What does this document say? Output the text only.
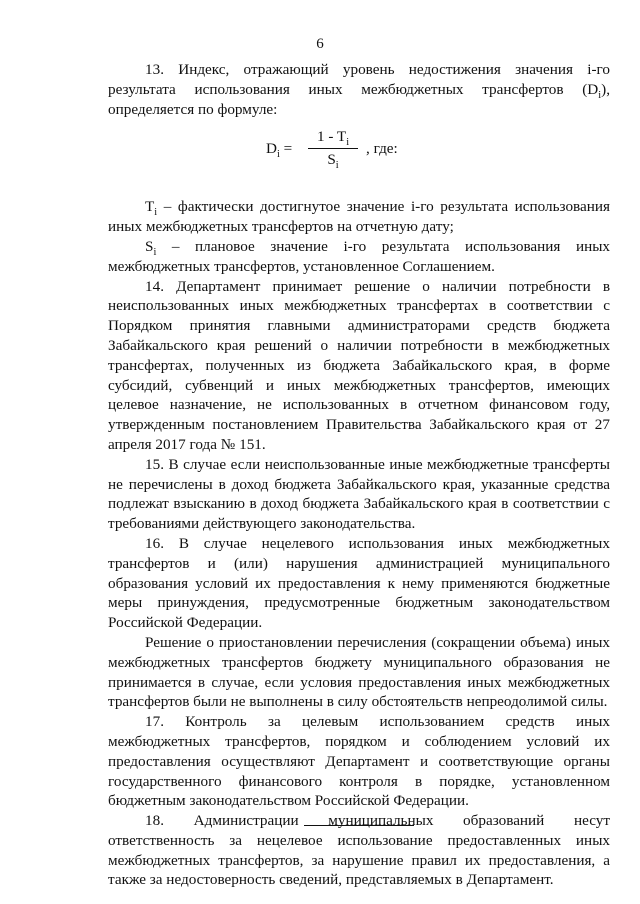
6

13. Индекс, отражающий уровень недостижения значения i-го результата использования иных межбюджетных трансфертов $(D_i)$, определяется по формуле:

$D_i = \frac{1 - T_i}{S_i}$ , где:

$T_i$ – фактически достигнутое значение i-го результата использования иных межбюджетных трансфертов на отчетную дату;

$S_i$ – плановое значение i-го результата использования иных межбюджетных трансфертов, установленное Соглашением.

14. Департамент принимает решение о наличии потребности в неиспользованных иных межбюджетных трансфертах в соответствии с Порядком принятия главными администраторами средств бюджета Забайкальского края решений о наличии потребности в межбюджетных трансфертах, полученных из бюджета Забайкальского края, в форме субсидий, субвенций и иных межбюджетных трансфертов, имеющих целевое назначение, не использованных в отчетном финансовом году, утвержденным постановлением Правительства Забайкальского края от 27 апреля 2017 года № 151.

15. В случае если неиспользованные иные межбюджетные трансферты не перечислены в доход бюджета Забайкальского края, указанные средства подлежат взысканию в доход бюджета Забайкальского края в соответствии с требованиями действующего законодательства.

16. В случае нецелевого использования иных межбюджетных трансфертов и (или) нарушения администрацией муниципального образования условий их предоставления к нему применяются бюджетные меры принуждения, предусмотренные бюджетным законодательством Российской Федерации.

Решение о приостановлении перечисления (сокращении объема) иных межбюджетных трансфертов бюджету муниципального образования не принимается в случае, если условия предоставления иных межбюджетных трансфертов были не выполнены в силу обстоятельств непреодолимой силы.

17. Контроль за целевым использованием средств иных межбюджетных трансфертов, порядком и соблюдением условий их предоставления осуществляют Департамент и соответствующие органы государственного финансового контроля в порядке, установленном бюджетным законодательством Российской Федерации.

18. Администрации муниципальных образований несут ответственность за нецелевое использование предоставленных иных межбюджетных трансфертов, за нарушение правил их предоставления, а также за недостоверность сведений, представляемых в Департамент.
